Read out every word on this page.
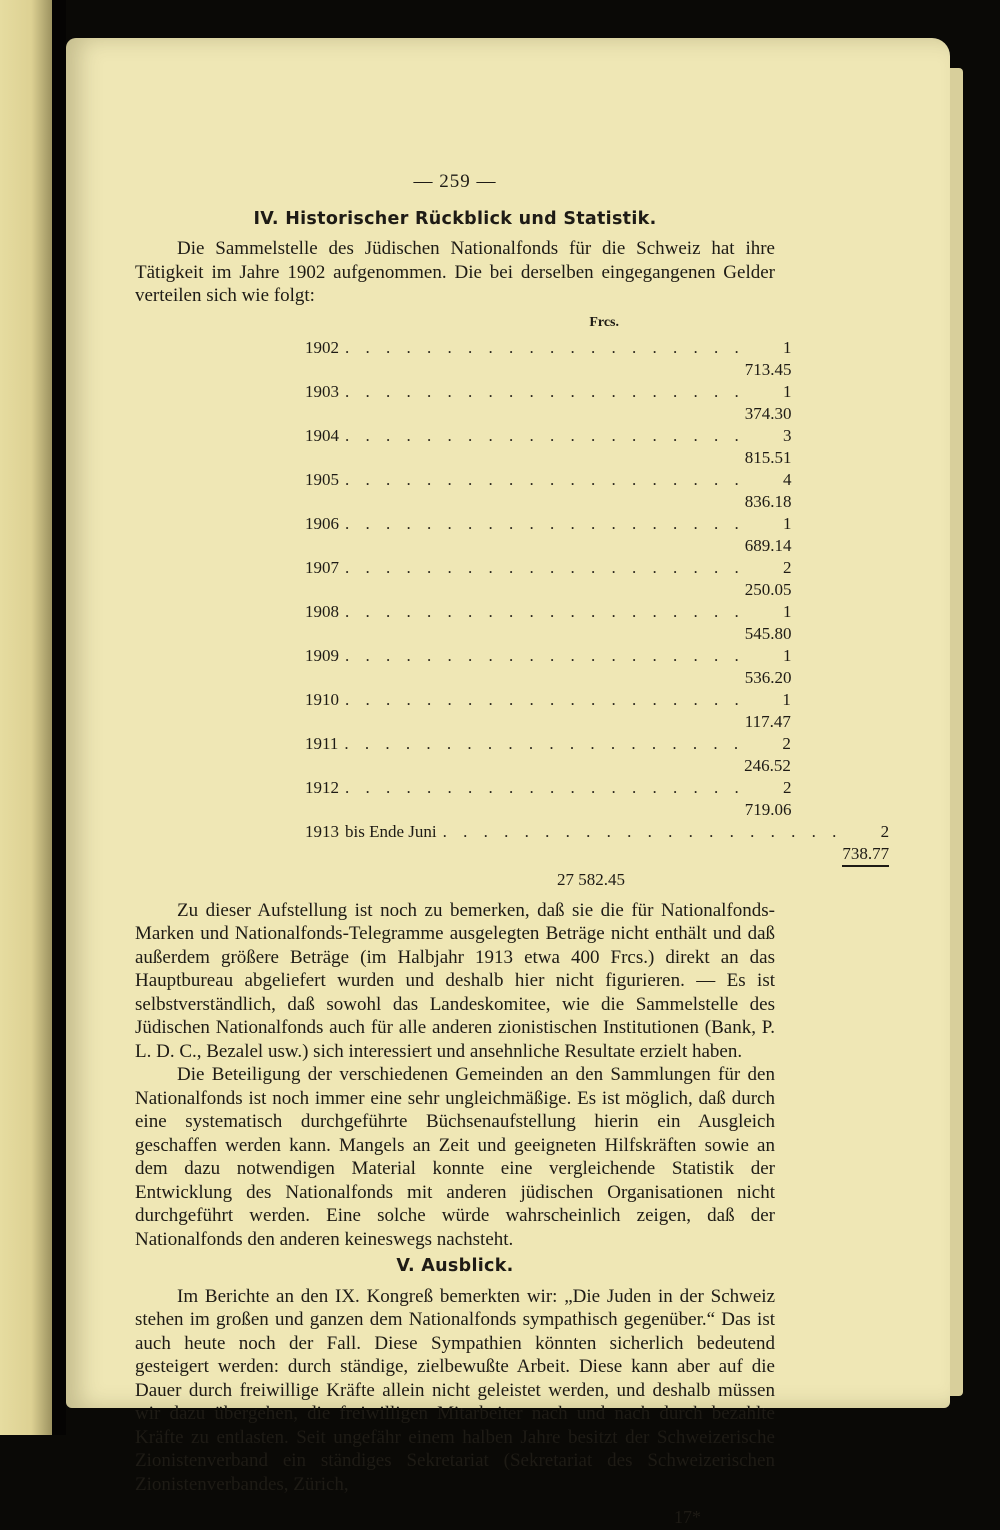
— 259 —
IV. Historischer Rückblick und Statistik.

Die Sammelstelle des Jüdischen Nationalfonds für die Schweiz hat ihre Tätigkeit im Jahre 1902 aufgenommen. Die bei derselben eingegangenen Gelder verteilen sich wie folgt:

Frcs.
1902 . . . . . . . . . . . . . . . . . . . .	1 713.45
1903 . . . . . . . . . . . . . . . . . . . .	1 374.30
1904 . . . . . . . . . . . . . . . . . . . .	3 815.51
1905 . . . . . . . . . . . . . . . . . . . .	4 836.18
1906 . . . . . . . . . . . . . . . . . . . .	1 689.14
1907 . . . . . . . . . . . . . . . . . . . .	2 250.05
1908 . . . . . . . . . . . . . . . . . . . .	1 545.80
1909 . . . . . . . . . . . . . . . . . . . .	1 536.20
1910 . . . . . . . . . . . . . . . . . . . .	1 117.47
1911 . . . . . . . . . . . . . . . . . . . .	2 246.52
1912 . . . . . . . . . . . . . . . . . . . .	2 719.06
1913 bis Ende Juni . . . . . . . . . . . . . . . . . . . .	2 738.77
27 582.45

Zu dieser Aufstellung ist noch zu bemerken, daß sie die für Nationalfonds-Marken und Nationalfonds-Telegramme ausgelegten Beträge nicht enthält und daß außerdem größere Beträge (im Halbjahr 1913 etwa 400 Frcs.) direkt an das Hauptbureau abgeliefert wurden und deshalb hier nicht figurieren. — Es ist selbstverständlich, daß sowohl das Landeskomitee, wie die Sammelstelle des Jüdischen Nationalfonds auch für alle anderen zionistischen Institutionen (Bank, P. L. D. C., Bezalel usw.) sich interessiert und ansehnliche Resultate erzielt haben.

Die Beteiligung der verschiedenen Gemeinden an den Sammlungen für den Nationalfonds ist noch immer eine sehr ungleichmäßige. Es ist möglich, daß durch eine systematisch durchgeführte Büchsenaufstellung hierin ein Ausgleich geschaffen werden kann. Mangels an Zeit und geeigneten Hilfskräften sowie an dem dazu notwendigen Material konnte eine vergleichende Statistik der Entwicklung des Nationalfonds mit anderen jüdischen Organisationen nicht durchgeführt werden. Eine solche würde wahrscheinlich zeigen, daß der Nationalfonds den anderen keineswegs nachsteht.

V. Ausblick.

Im Berichte an den IX. Kongreß bemerkten wir: „Die Juden in der Schweiz stehen im großen und ganzen dem Nationalfonds sympathisch gegenüber.“ Das ist auch heute noch der Fall. Diese Sympathien könnten sicherlich bedeutend gesteigert werden: durch ständige, zielbewußte Arbeit. Diese kann aber auf die Dauer durch freiwillige Kräfte allein nicht geleistet werden, und deshalb müssen wir dazu übergehen, die freiwilligen Mitarbeiter nach und nach durch bezahlte Kräfte zu entlasten. Seit ungefähr einem halben Jahre besitzt der Schweizerische Zionistenverband ein ständiges Sekretariat (Sekretariat des Schweizerischen Zionistenverbandes, Zürich,

17*
